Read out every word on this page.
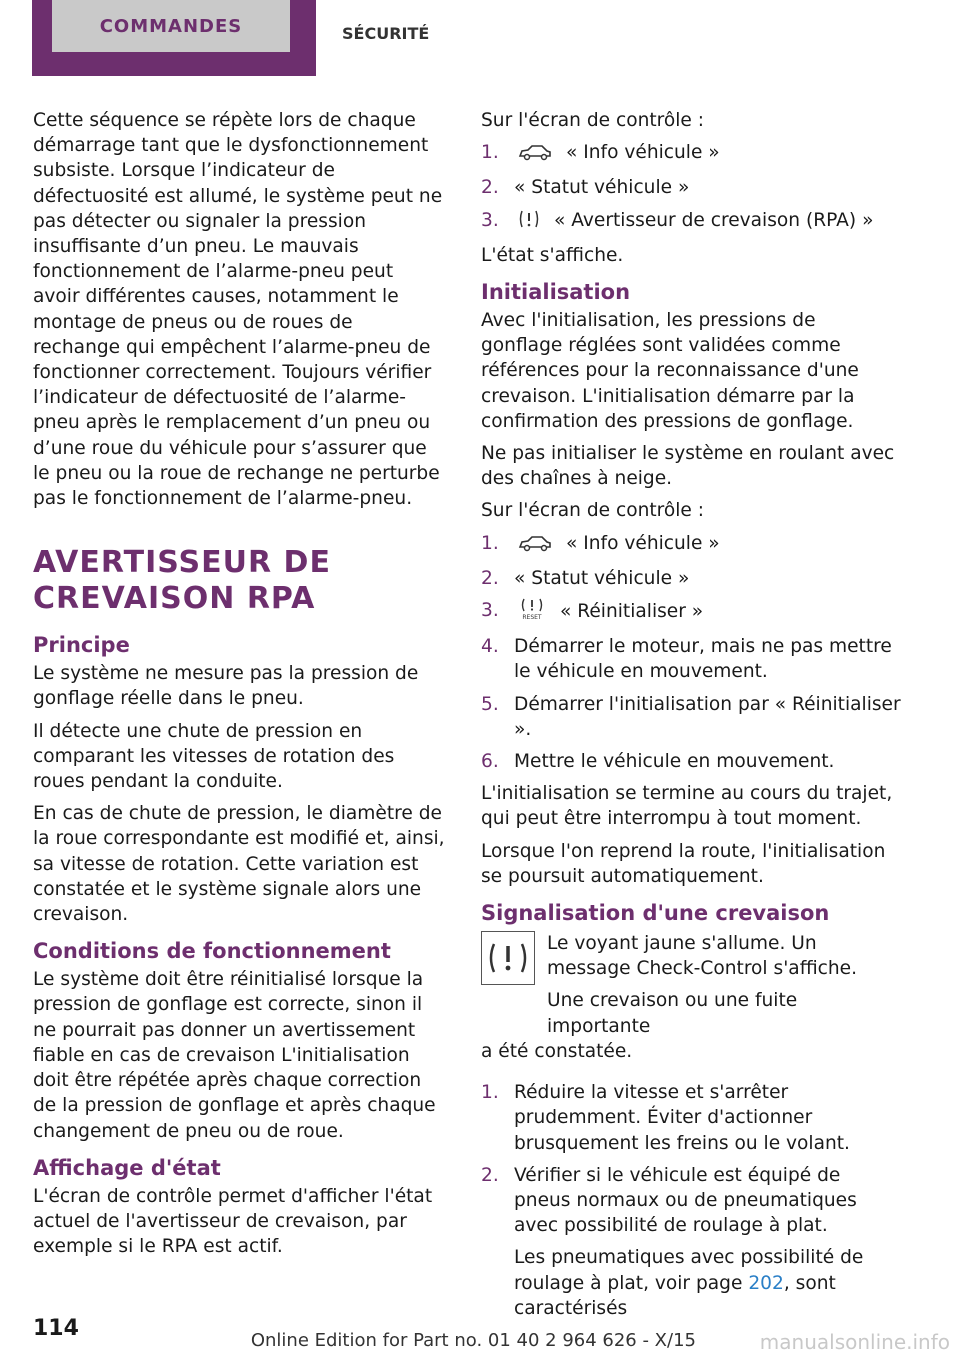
COMMANDES	SÉCURITÉ

Cette séquence se répète lors de chaque démarrage tant que le dysfonctionnement subsiste. Lorsque l’indicateur de défectuosité est allumé, le système peut ne pas détecter ou signaler la pression insuffisante d’un pneu. Le mauvais fonctionnement de l’alarme-pneu peut avoir différentes causes, notamment le montage de pneus ou de roues de rechange qui empêchent l’alarme-pneu de fonctionner correctement. Toujours vérifier l’indicateur de défectuosité de l’alarme-pneu après le remplacement d’un pneu ou d’une roue du véhicule pour s’assurer que le pneu ou la roue de rechange ne perturbe pas le fonctionnement de l’alarme-pneu.

AVERTISSEUR DE CREVAISON RPA
Principe

Le système ne mesure pas la pression de gonflage réelle dans le pneu.

Il détecte une chute de pression en comparant les vitesses de rotation des roues pendant la conduite.

En cas de chute de pression, le diamètre de la roue correspondante est modifié et, ainsi, sa vitesse de rotation. Cette variation est constatée et le système signale alors une crevaison.

Conditions de fonctionnement

Le système doit être réinitialisé lorsque la pression de gonflage est correcte, sinon il ne pourrait pas donner un avertissement fiable en cas de crevaison L'initialisation doit être répétée après chaque correction de la pression de gonflage et après chaque changement de pneu ou de roue.

Affichage d'état

L'écran de contrôle permet d'afficher l'état actuel de l'avertisseur de crevaison, par exemple si le RPA est actif.

Sur l'écran de contrôle :

1.	« Info véhicule »
2. « Statut véhicule »
3.	« Avertisseur de crevaison (RPA) »

L'état s'affiche.

Initialisation

Avec l'initialisation, les pressions de gonflage réglées sont validées comme références pour la reconnaissance d'une crevaison. L'initialisation démarre par la confirmation des pressions de gonflage.

Ne pas initialiser le système en roulant avec des chaînes à neige.

Sur l'écran de contrôle :

1.	« Info véhicule »
2. « Statut véhicule »
3.	RESET « Réinitialiser »
4. Démarrer le moteur, mais ne pas mettre le véhicule en mouvement.
5. Démarrer l'initialisation par « Réinitialiser ».
6. Mettre le véhicule en mouvement.

L'initialisation se termine au cours du trajet, qui peut être interrompu à tout moment.

Lorsque l'on reprend la route, l'initialisation se poursuit automatiquement.

Signalisation d'une crevaison

Le voyant jaune s'allume. Un message Check-Control s'affiche.

Une crevaison ou une fuite importante

a été constatée.

1. Réduire la vitesse et s'arrêter prudemment. Éviter d'actionner brusquement les freins ou le volant.
2. Vérifier si le véhicule est équipé de pneus normaux ou de pneumatiques avec possibilité de roulage à plat.
Les pneumatiques avec possibilité de roulage à plat, voir page 202, sont caractérisés
114	Online Edition for Part no. 01 40 2 964 626 - X/15	manualsonline.info
